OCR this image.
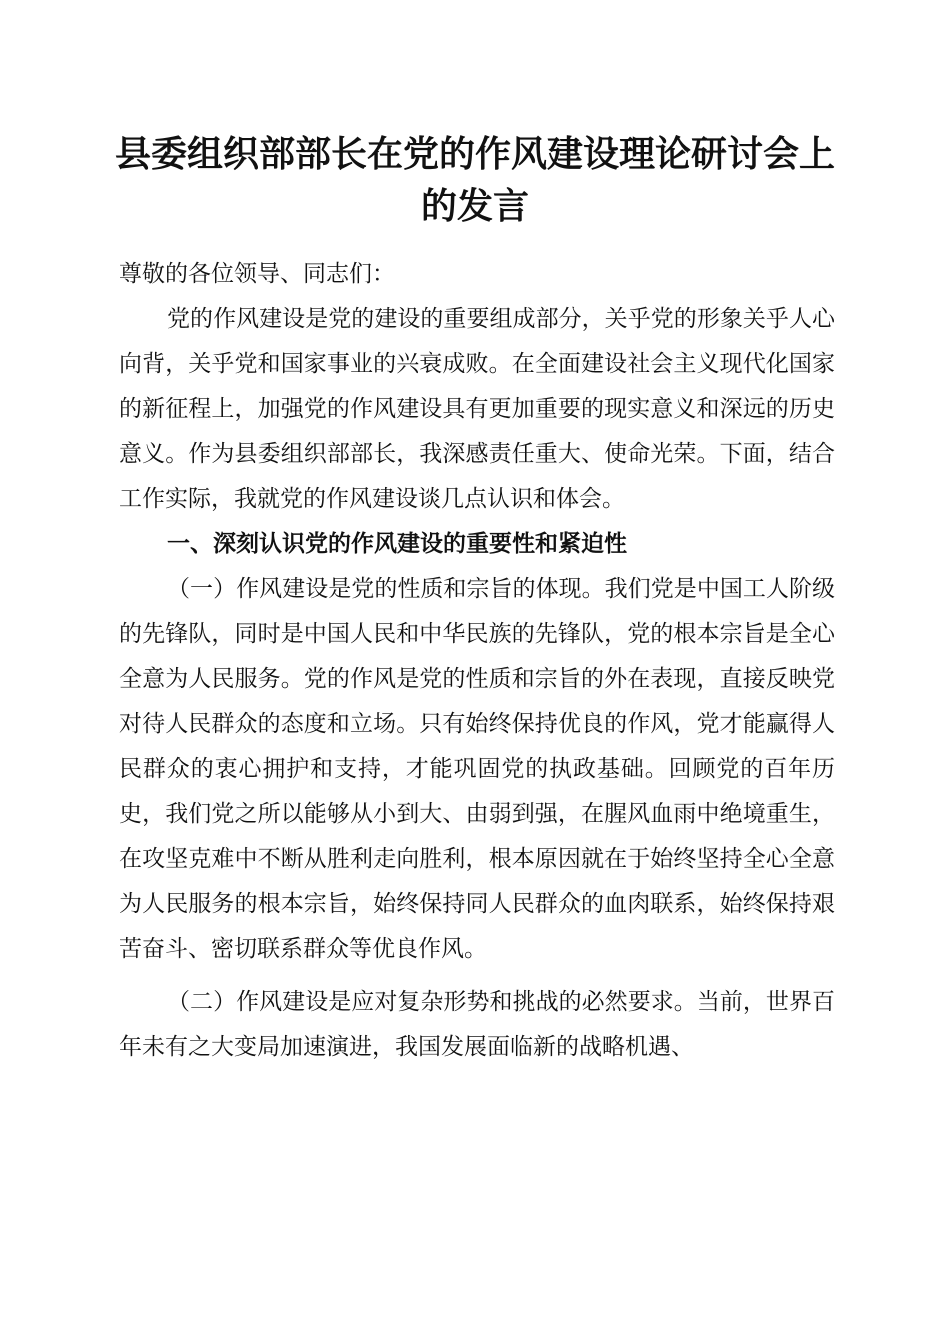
县委组织部部长在党的作风建设理论研讨会上的发言

尊敬的各位领导、同志们：

党的作风建设是党的建设的重要组成部分，关乎党的形象关乎人心向背，关乎党和国家事业的兴衰成败。在全面建设社会主义现代化国家的新征程上，加强党的作风建设具有更加重要的现实意义和深远的历史意义。作为县委组织部部长，我深感责任重大、使命光荣。下面，结合工作实际，我就党的作风建设谈几点认识和体会。

一、深刻认识党的作风建设的重要性和紧迫性

（一）作风建设是党的性质和宗旨的体现。我们党是中国工人阶级的先锋队，同时是中国人民和中华民族的先锋队，党的根本宗旨是全心全意为人民服务。党的作风是党的性质和宗旨的外在表现，直接反映党对待人民群众的态度和立场。只有始终保持优良的作风，党才能赢得人民群众的衷心拥护和支持，才能巩固党的执政基础。回顾党的百年历史，我们党之所以能够从小到大、由弱到强，在腥风血雨中绝境重生，在攻坚克难中不断从胜利走向胜利，根本原因就在于始终坚持全心全意为人民服务的根本宗旨，始终保持同人民群众的血肉联系，始终保持艰苦奋斗、密切联系群众等优良作风。

（二）作风建设是应对复杂形势和挑战的必然要求。当前，世界百年未有之大变局加速演进，我国发展面临新的战略机遇、
